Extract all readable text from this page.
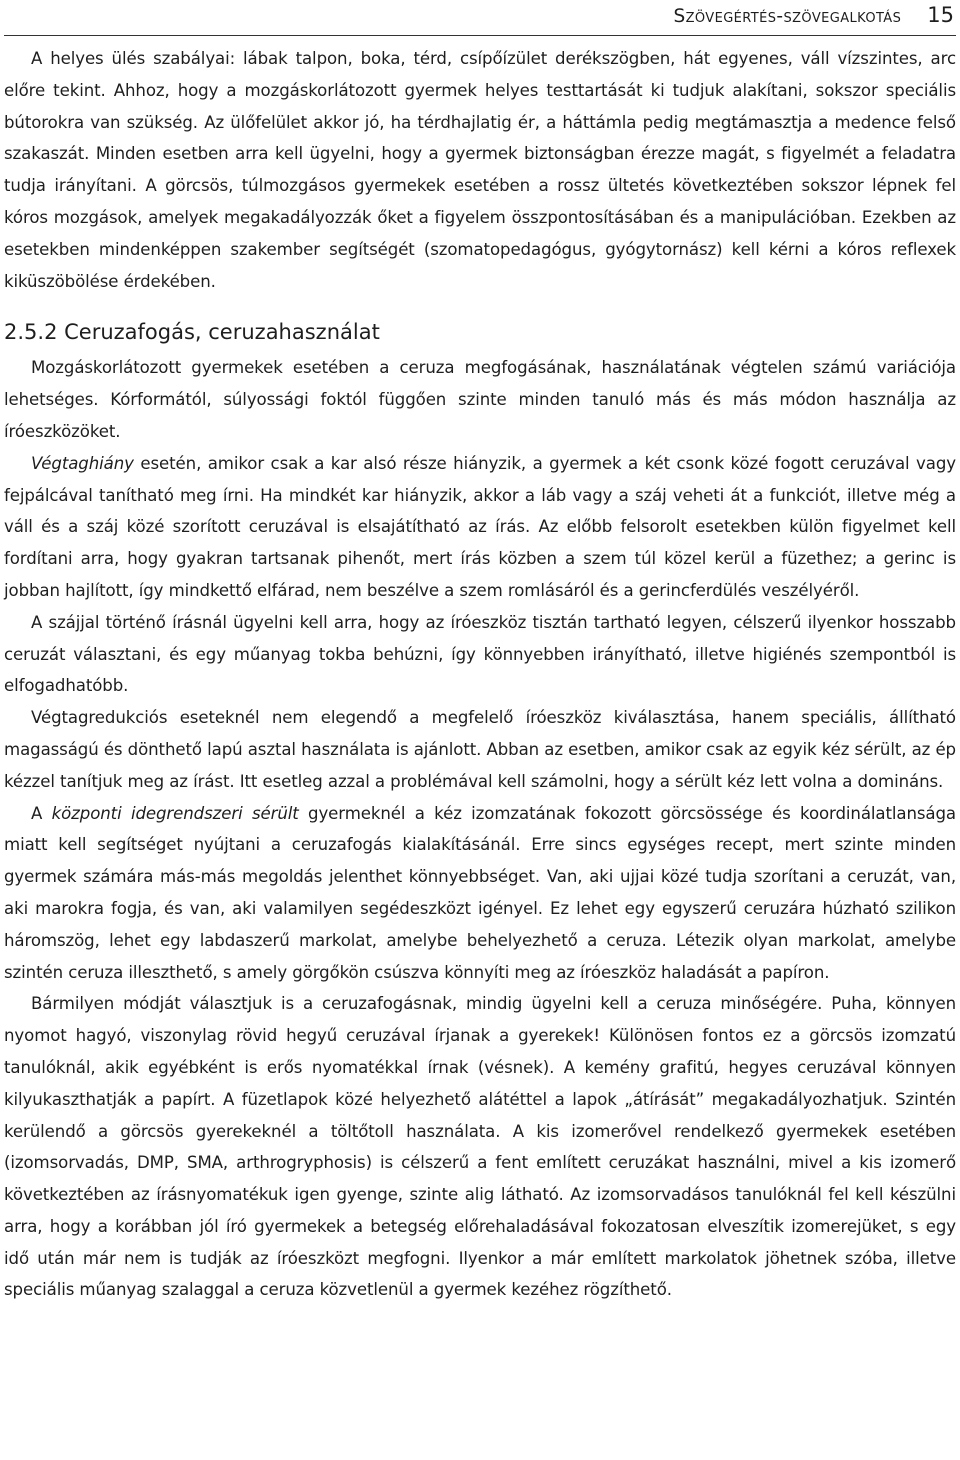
Szövegértés-szövegalkotás 15

A helyes ülés szabályai: lábak talpon, boka, térd, csípőízület derékszögben, hát egyenes, váll vízszintes, arc előre tekint. Ahhoz, hogy a mozgáskorlátozott gyermek helyes testtartását ki tudjuk alakítani, sokszor speciális bútorokra van szükség. Az ülőfelület akkor jó, ha térdhajlatig ér, a háttámla pedig megtámasztja a medence felső szakaszát. Minden esetben arra kell ügyelni, hogy a gyermek biztonságban érezze magát, s figyelmét a feladatra tudja irányítani. A görcsös, túlmozgásos gyermekek esetében a rossz ültetés következtében sokszor lépnek fel kóros mozgások, amelyek megakadályozzák őket a figyelem összpontosításában és a manipulációban. Ezekben az esetekben mindenképpen szakember segítségét (szomatopedagógus, gyógytornász) kell kérni a kóros reflexek kiküszöbölése érdekében.

2.5.2 Ceruzafogás, ceruzahasználat

Mozgáskorlátozott gyermekek esetében a ceruza megfogásának, használatának végtelen számú variációja lehetséges. Kórformától, súlyossági foktól függően szinte minden tanuló más és más módon használja az íróeszközöket.

Végtaghiány esetén, amikor csak a kar alsó része hiányzik, a gyermek a két csonk közé fogott ceruzával vagy fejpálcával tanítható meg írni. Ha mindkét kar hiányzik, akkor a láb vagy a száj veheti át a funkciót, illetve még a váll és a száj közé szorított ceruzával is elsajátítható az írás. Az előbb felsorolt esetekben külön figyelmet kell fordítani arra, hogy gyakran tartsanak pihenőt, mert írás közben a szem túl közel kerül a füzethez; a gerinc is jobban hajlított, így mindkettő elfárad, nem beszélve a szem romlásáról és a gerincferdülés veszélyéről.

A szájjal történő írásnál ügyelni kell arra, hogy az íróeszköz tisztán tartható legyen, célszerű ilyenkor hosszabb ceruzát választani, és egy műanyag tokba behúzni, így könnyebben irányítható, illetve higiénés szempontból is elfogadhatóbb.

Végtagredukciós eseteknél nem elegendő a megfelelő íróeszköz kiválasztása, hanem speciális, állítható magasságú és dönthető lapú asztal használata is ajánlott. Abban az esetben, amikor csak az egyik kéz sérült, az ép kézzel tanítjuk meg az írást. Itt esetleg azzal a problémával kell számolni, hogy a sérült kéz lett volna a domináns.

A központi idegrendszeri sérült gyermeknél a kéz izomzatának fokozott görcsössége és koordinálatlansága miatt kell segítséget nyújtani a ceruzafogás kialakításánál. Erre sincs egységes recept, mert szinte minden gyermek számára más-más megoldás jelenthet könnyebbséget. Van, aki ujjai közé tudja szorítani a ceruzát, van, aki marokra fogja, és van, aki valamilyen segédeszközt igényel. Ez lehet egy egyszerű ceruzára húzható szilikon háromszög, lehet egy labdaszerű markolat, amelybe behelyezhető a ceruza. Létezik olyan markolat, amelybe szintén ceruza illeszthető, s amely görgőkön csúszva könnyíti meg az íróeszköz haladását a papíron.

Bármilyen módját választjuk is a ceruzafogásnak, mindig ügyelni kell a ceruza minőségére. Puha, könnyen nyomot hagyó, viszonylag rövid hegyű ceruzával írjanak a gyerekek! Különösen fontos ez a görcsös izomzatú tanulóknál, akik egyébként is erős nyomatékkal írnak (vésnek). A kemény grafitú, hegyes ceruzával könnyen kilyukaszthatják a papírt. A füzetlapok közé helyezhető alátéttel a lapok „átírását” megakadályozhatjuk. Szintén kerülendő a görcsös gyerekeknél a töltőtoll használata. A kis izomerővel rendelkező gyermekek esetében (izomsorvadás, DMP, SMA, arthrogryphosis) is célszerű a fent említett ceruzákat használni, mivel a kis izomerő következtében az írásnyomatékuk igen gyenge, szinte alig látható. Az izomsorvadásos tanulóknál fel kell készülni arra, hogy a korábban jól író gyermekek a betegség előrehaladásával fokozatosan elveszítik izomerejüket, s egy idő után már nem is tudják az íróeszközt megfogni. Ilyenkor a már említett markolatok jöhetnek szóba, illetve speciális műanyag szalaggal a ceruza közvetlenül a gyermek kezéhez rögzíthető.
